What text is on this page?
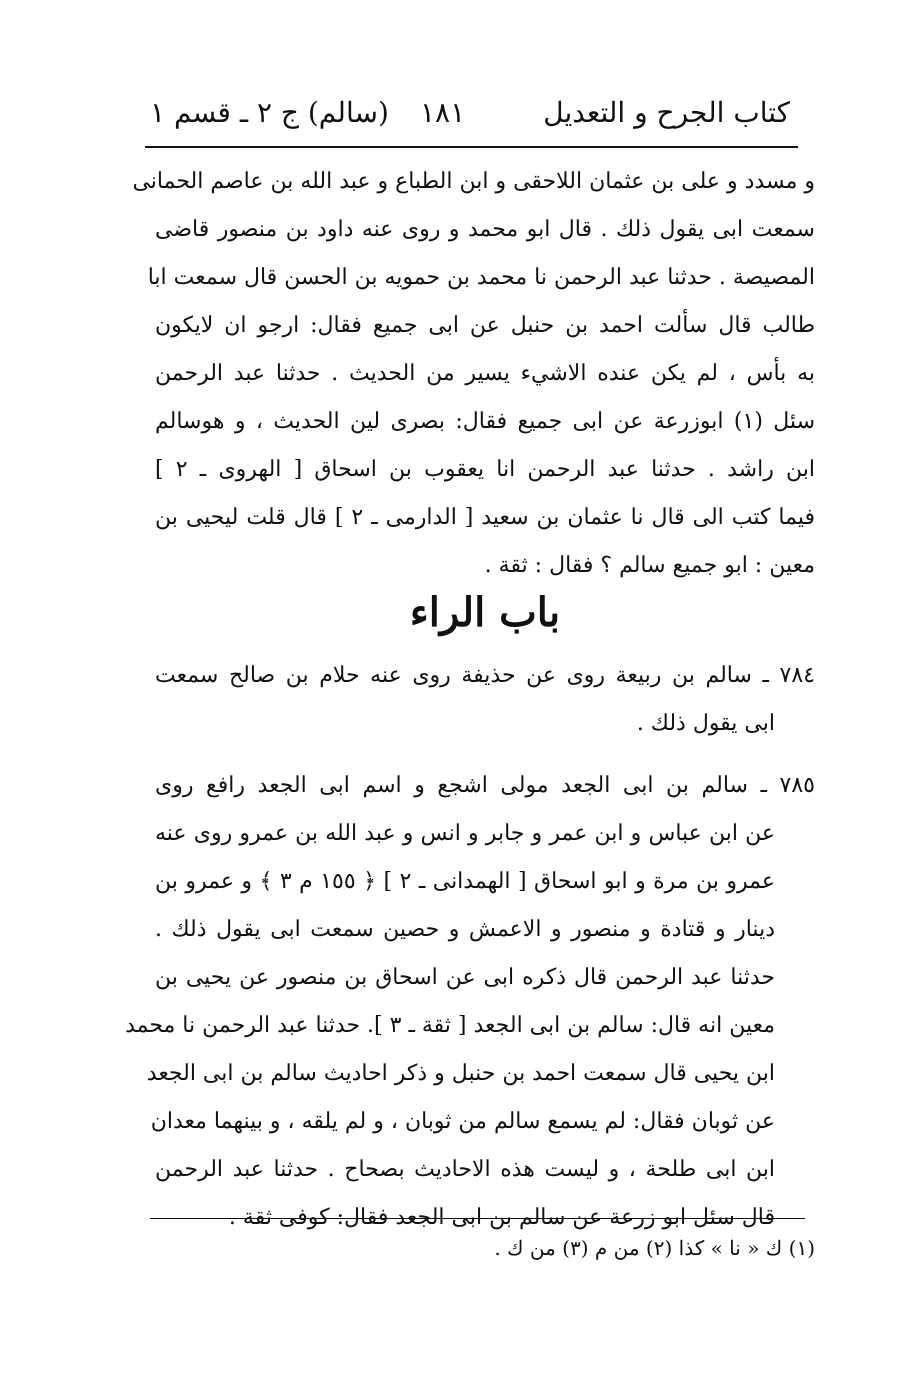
كتاب الجرح و التعديل
١٨١
(سالم) ج ٢ ـ قسم ١
و مسدد و على بن عثمان اللاحقى و ابن الطباع و عبد الله بن عاصم الحمانى
سمعت ابى يقول ذلك . قال ابو محمد و روى عنه داود بن منصور قاضى
المصيصة . حدثنا عبد الرحمن نا محمد بن حمويه بن الحسن قال سمعت ابا
طالب قال سألت احمد بن حنبل عن ابى جميع فقال: ارجو ان لايكون
به بأس ، لم يكن عنده الاشيء يسير من الحديث . حدثنا عبد الرحمن
سئل (١) ابوزرعة عن ابى جميع فقال: بصرى لين الحديث ، و هوسالم
ابن راشد . حدثنا عبد الرحمن انا يعقوب بن اسحاق [ الهروى ـ ٢ ]
فيما كتب الى قال نا عثمان بن سعيد [ الدارمى ـ ٢ ] قال قلت ليحيى بن
معين : ابو جميع سالم ؟ فقال : ثقة .
باب الراء
٧٨٤ ـ سالم بن ربيعة روى عن حذيفة روى عنه حلام بن صالح سمعت
ابى يقول ذلك .
٧٨٥ ـ سالم بن ابى الجعد مولى اشجع و اسم ابى الجعد رافع روى
عن ابن عباس و ابن عمر و جابر و انس و عبد الله بن عمرو روى عنه
عمرو بن مرة و ابو اسحاق [ الهمدانى ـ ٢ ] ﴿ ١٥٥ م ٣ ﴾ و عمرو بن
دينار و قتادة و منصور و الاعمش و حصين سمعت ابى يقول ذلك .
حدثنا عبد الرحمن قال ذكره ابى عن اسحاق بن منصور عن يحيى بن
معين انه قال: سالم بن ابى الجعد [ ثقة ـ ٣ ]. حدثنا عبد الرحمن نا محمد
ابن يحيى قال سمعت احمد بن حنبل و ذكر احاديث سالم بن ابى الجعد
عن ثوبان فقال: لم يسمع سالم من ثوبان ، و لم يلقه ، و بينهما معدان
ابن ابى طلحة ، و ليست هذه الاحاديث بصحاح . حدثنا عبد الرحمن
قال سئل ابو زرعة عن سالم بن ابى الجعد فقال: كوفى ثقة .
(١) ك « نا » كذا (٢) من م (٣) من ك .
